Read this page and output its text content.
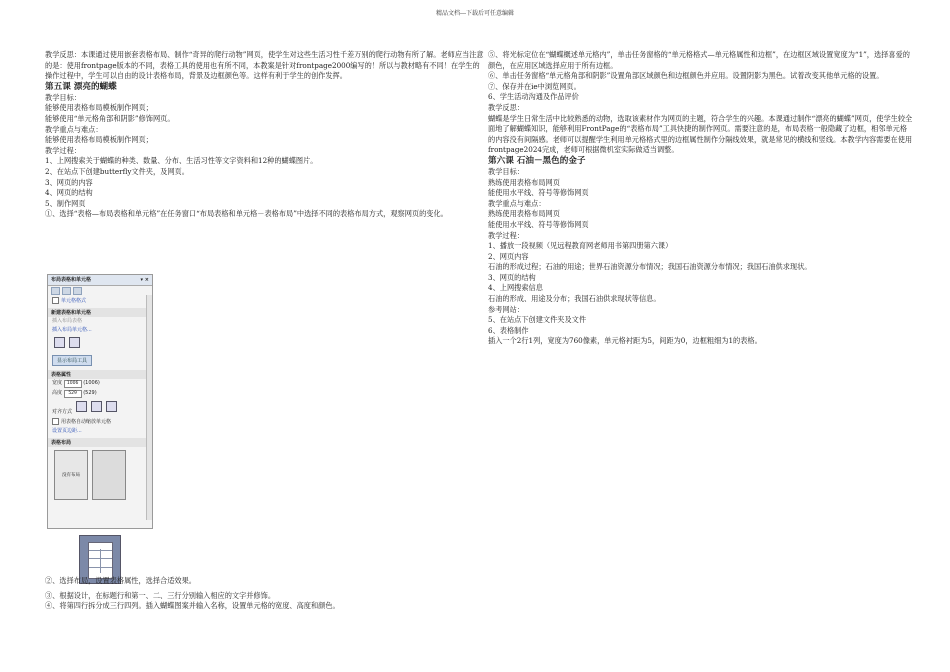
精品文档---下载后可任意编辑

教学反思：本课通过使用嵌套表格布局、制作“奇异的爬行动物”网页，使学生对这些生活习性千差万别的爬行动物有所了解。老师应当注意的是：使用frontpage版本的不同，表格工具的使用也有所不同，本教案是针对frontpage2000编写的！所以与教材略有不同！在学生的操作过程中，学生可以自由的设计表格布局，背景及边框颜色等。这样有利于学生的创作发挥。

第五课 漂亮的蝴蝶

教学目标：

能够使用表格布局模板制作网页；

能够使用“单元格角部和阴影”修饰网页。

教学重点与难点：

能够使用表格布局模板制作网页；

教学过程：

1、上网搜索关于蝴蝶的种类、数量、分布、生活习性等文字资料和12种的蝴蝶图片。

2、在站点下创建butterfly文件夹，及网页。

3、网页的内容

4、网页的结构

5、制作网页

①、选择“表格—布局表格和单元格”在任务窗口“布局表格和单元格－表格布局”中选择不同的表格布局方式，观察网页的变化。

布局表格和单元格	▾ ×
单元格格式
新建表格和单元格
插入布局表格
插入布局单元格...
显示布局工具
表格属性
宽度 1006 (1006)
高度 529 (529)
对齐方式
用表格自动缩放单元格
设置页边距...
表格布局
没有布局

②、选择布局，设置表格属性，选择合适效果。

③、根据设计，在标题行和第一、二、三行分别输入相应的文字并修饰。

④、将第四行拆分成三行四列。插入蝴蝶图案并输入名称，设置单元格的宽度、高度和颜色。

⑤、将光标定位在“蝴蝶概述单元格内”，单击任务窗格的“单元格格式—单元格属性和边框”，在边框区域设置宽度为“1”，选择喜爱的颜色，在应用区域选择应用于所有边框。

⑥、单击任务窗格“单元格角部和阴影”设置角部区域颜色和边框颜色并应用。设置阴影为黑色。试着改变其他单元格的设置。

⑦、保存并在ie中浏览网页。

6、学生活动沟通及作品评价

教学反思：

蝴蝶是学生日常生活中比较熟悉的动物，选取该素材作为网页的主题，符合学生的兴趣。本课通过制作“漂亮的蝴蝶”网页，使学生较全面地了解蝴蝶知识，能够利用FrontPage的“表格布局”工具快捷的制作网页。需要注意的是，布局表格一般隐藏了边框，相邻单元格的内容没有间隔感。老师可以提醒学生利用单元格格式里的边框属性制作分隔线效果，就是常见的横线和竖线。本教学内容需要在使用frontpage2024完成，老师可根据微机室实际做适当调整。

第六课 石油－黑色的金子

教学目标：

熟练使用表格布局网页

能使用水平线、符号等修饰网页

教学重点与难点：

熟练使用表格布局网页

能使用水平线、符号等修饰网页

教学过程：

1、播放一段视频（见远程教育网老师用书第四册第六课）

2、网页内容

石油的形成过程；石油的用途；世界石油资源分布情况；我国石油资源分布情况；我国石油供求现状。

3、网页的结构

4、上网搜索信息

石油的形成、用途及分布；我国石油供求现状等信息。

参考网站：

5、在站点下创建文件夹及文件

6、表格制作

插入一个2行1列，宽度为760像素，单元格衬距为5，间距为0，边框粗细为1的表格。
